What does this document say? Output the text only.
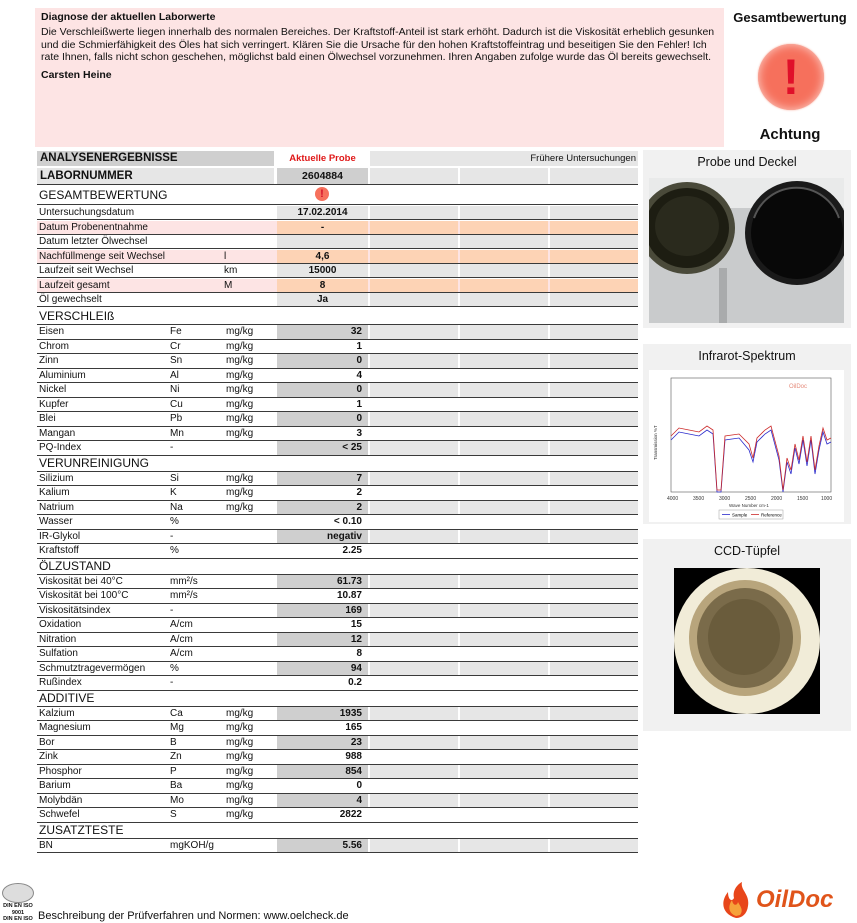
Diagnose der aktuellen Laborwerte

Die Verschleißwerte liegen innerhalb des normalen Bereiches. Der Kraftstoff-Anteil ist stark erhöht. Dadurch ist die Viskosität erheblich gesunken und die Schmierfähigkeit des Öles hat sich verringert. Klären Sie die Ursache für den hohen Kraftstoffeintrag und beseitigen Sie den Fehler! Ich rate Ihnen, falls nicht schon geschehen, möglichst bald einen Ölwechsel vorzunehmen. Ihren Angaben zufolge wurde das Öl bereits gewechselt.

Carsten Heine
Gesamtbewertung
!
Achtung
ANALYSENERGEBNISSE	Aktuelle Probe	Frühere Untersuchungen
LABORNUMMER	2604884
GESAMTBEWERTUNG	!
Untersuchungsdatum	17.02.2014
Datum Probenentnahme	-
Datum letzter Ölwechsel
Nachfüllmenge seit Wechsel	l	4,6
Laufzeit seit Wechsel	km	15000
Laufzeit gesamt	M	8
Öl gewechselt	Ja
VERSCHLEIß
Eisen	Fe	mg/kg	32
Chrom	Cr	mg/kg	1
Zinn	Sn	mg/kg	0
Aluminium	Al	mg/kg	4
Nickel	Ni	mg/kg	0
Kupfer	Cu	mg/kg	1
Blei	Pb	mg/kg	0
Mangan	Mn	mg/kg	3
PQ-Index	-	< 25
VERUNREINIGUNG
Silizium	Si	mg/kg	7
Kalium	K	mg/kg	2
Natrium	Na	mg/kg	2
Wasser	%	< 0.10
IR-Glykol	-	negativ
Kraftstoff	%	2.25
ÖLZUSTAND
Viskosität bei 40°C	mm²/s	61.73
Viskosität bei 100°C	mm²/s	10.87
Viskositätsindex	-	169
Oxidation	A/cm	15
Nitration	A/cm	12
Sulfation	A/cm	8
Schmutztragevermögen	%	94
Rußindex	-	0.2
ADDITIVE
Kalzium	Ca	mg/kg	1935
Magnesium	Mg	mg/kg	165
Bor	B	mg/kg	23
Zink	Zn	mg/kg	988
Phosphor	P	mg/kg	854
Barium	Ba	mg/kg	0
Molybdän	Mo	mg/kg	4
Schwefel	S	mg/kg	2822
ZUSATZTESTE
BN	mgKOH/g	5.56
Probe und Deckel
Infrarot-Spektrum
OilDoc
4000	3500	3000	2500	2000	1500	1000
Wave Number cm-1
Transmission %T
Sample	Reference
CCD-Tüpfel
DIN EN ISO
9001
DIN EN ISO Beschreibung der Prüfverfahren und Normen: www.oelcheck.de
OilDoc
